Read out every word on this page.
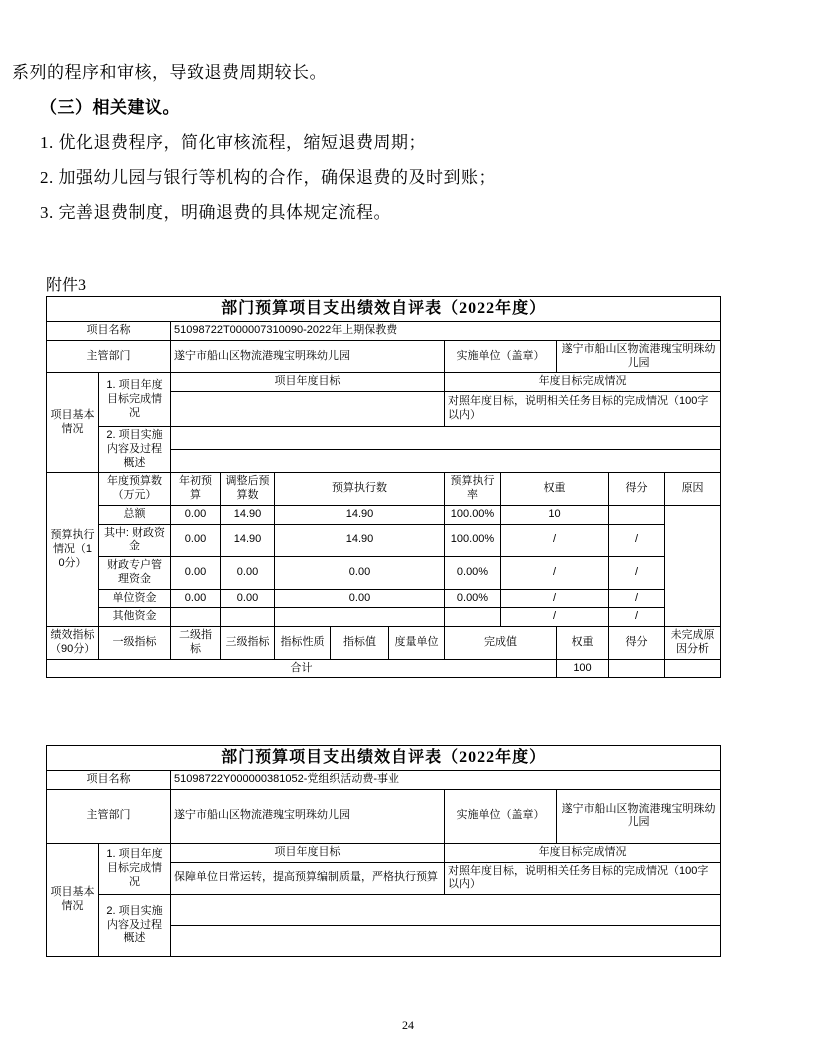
系列的程序和审核，导致退费周期较长。

（三）相关建议。

1. 优化退费程序，简化审核流程，缩短退费周期；

2. 加强幼儿园与银行等机构的合作，确保退费的及时到账；

3. 完善退费制度，明确退费的具体规定流程。

附件3
部门预算项目支出绩效自评表（2022年度）											
项目名称		51098722T000007310090-2022年上期保教费									
主管部门		遂宁市船山区物流港瑰宝明珠幼儿园					实施单位（盖章）		遂宁市船山区物流港瑰宝明珠幼儿园		
项目基本情况	1. 项目年度目标完成情况	项目年度目标					年度目标完成情况				
							对照年度目标，说明相关任务目标的完成情况（100字以内）				
	2. 项目实施内容及过程概述										

预算执行情况（10分）	年度预算数（万元）	年初预算	调整后预算数	预算执行数			预算执行率	权重		得分	原因
	总额	0.00	14.90	14.90			100.00%	10			
	其中: 财政资金	0.00	14.90	14.90			100.00%	/		/	
	财政专户管理资金	0.00	0.00	0.00			0.00%	/		/	
	单位资金	0.00	0.00	0.00			0.00%	/		/	
	其他资金							/		/	
绩效指标（90分）	一级指标	二级指标	三级指标	指标性质	指标值	度量单位	完成值		权重	得分	未完成原因分析
合计									100		
部门预算项目支出绩效自评表（2022年度）				
项目名称		51098722Y000000381052-党组织活动费-事业		
主管部门		遂宁市船山区物流港瑰宝明珠幼儿园	实施单位（盖章）	遂宁市船山区物流港瑰宝明珠幼儿园
项目基本情况	1. 项目年度目标完成情况	项目年度目标	年度目标完成情况	
		保障单位日常运转，提高预算编制质量，严格执行预算	对照年度目标，说明相关任务目标的完成情况（100字以内）	
	2. 项目实施内容及过程概述			

24
